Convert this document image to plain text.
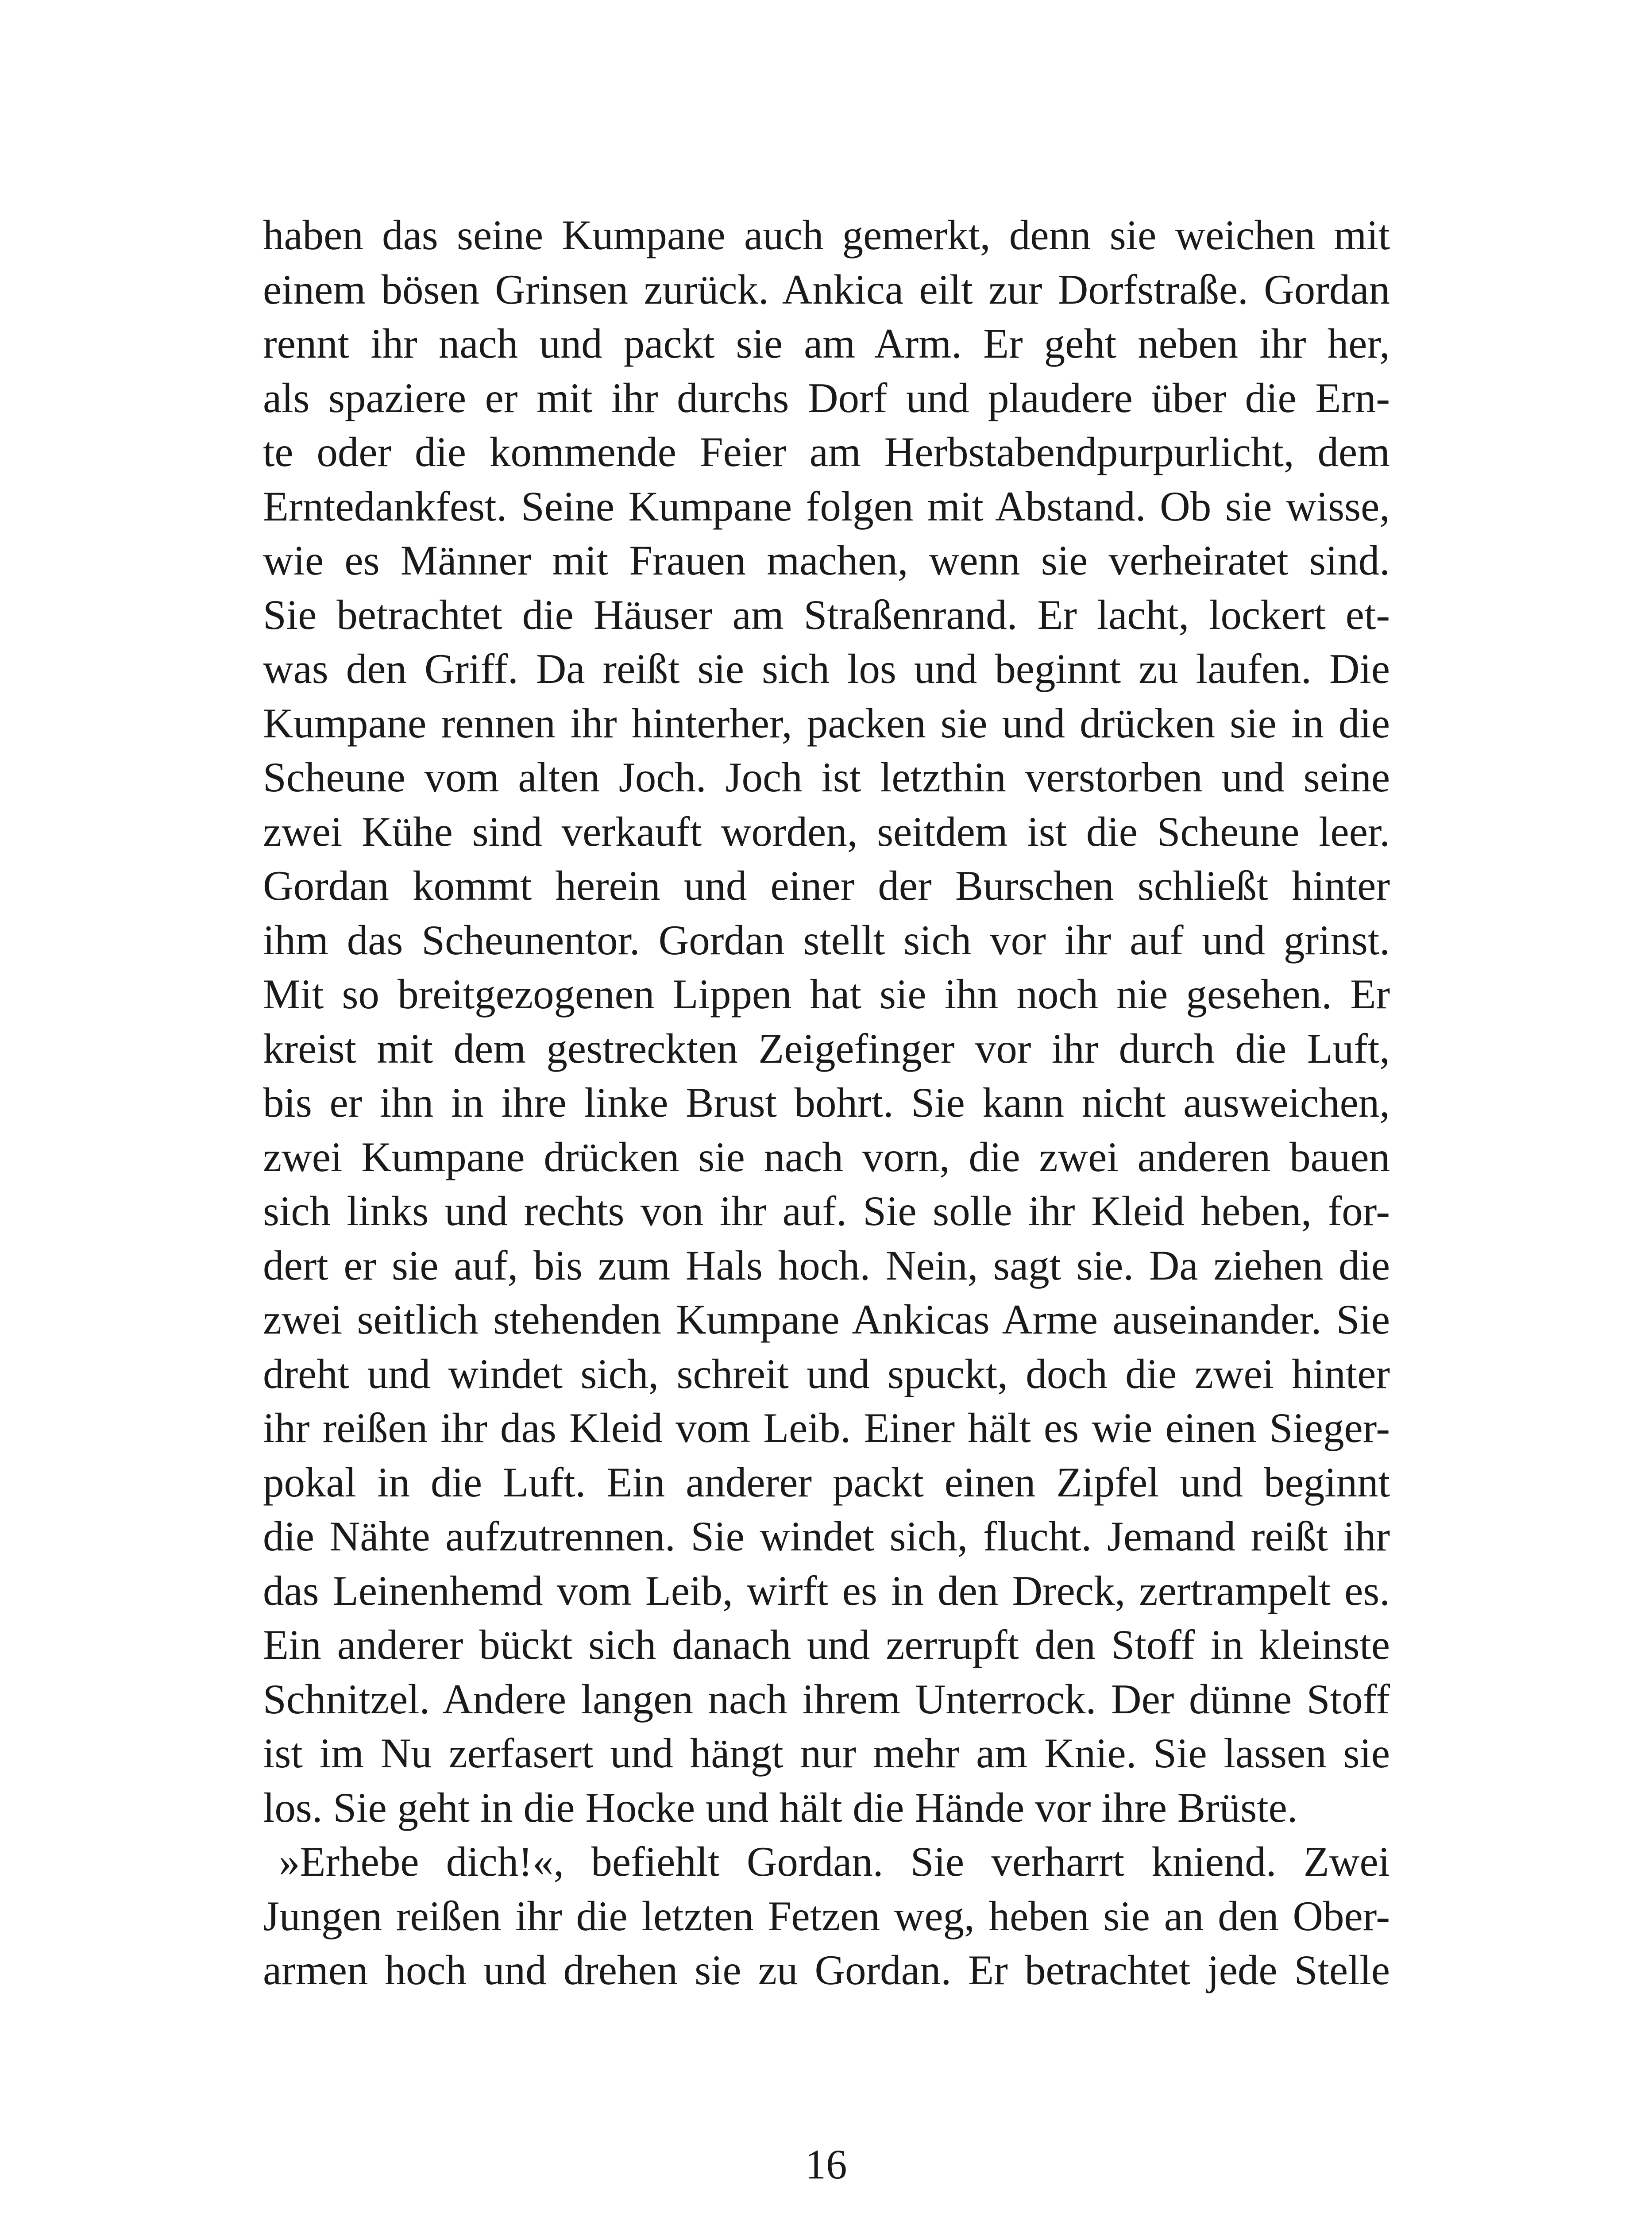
haben das seine Kumpane auch gemerkt, denn sie weichen mit
einem bösen Grinsen zurück. Ankica eilt zur Dorfstraße. Gordan
rennt ihr nach und packt sie am Arm. Er geht neben ihr her,
als spaziere er mit ihr durchs Dorf und plaudere über die Ern-
te oder die kommende Feier am Herbstabendpurpurlicht, dem
Erntedankfest. Seine Kumpane folgen mit Abstand. Ob sie wisse,
wie es Männer mit Frauen machen, wenn sie verheiratet sind.
Sie betrachtet die Häuser am Straßenrand. Er lacht, lockert et-
was den Griff. Da reißt sie sich los und beginnt zu laufen. Die
Kumpane rennen ihr hinterher, packen sie und drücken sie in die
Scheune vom alten Joch. Joch ist letzthin verstorben und seine
zwei Kühe sind verkauft worden, seitdem ist die Scheune leer.
Gordan kommt herein und einer der Burschen schließt hinter
ihm das Scheunentor. Gordan stellt sich vor ihr auf und grinst.
Mit so breitgezogenen Lippen hat sie ihn noch nie gesehen. Er
kreist mit dem gestreckten Zeigefinger vor ihr durch die Luft,
bis er ihn in ihre linke Brust bohrt. Sie kann nicht ausweichen,
zwei Kumpane drücken sie nach vorn, die zwei anderen bauen
sich links und rechts von ihr auf. Sie solle ihr Kleid heben, for-
dert er sie auf, bis zum Hals hoch. Nein, sagt sie. Da ziehen die
zwei seitlich stehenden Kumpane Ankicas Arme auseinander. Sie
dreht und windet sich, schreit und spuckt, doch die zwei hinter
ihr reißen ihr das Kleid vom Leib. Einer hält es wie einen Sieger-
pokal in die Luft. Ein anderer packt einen Zipfel und beginnt
die Nähte aufzutrennen. Sie windet sich, flucht. Jemand reißt ihr
das Leinenhemd vom Leib, wirft es in den Dreck, zertrampelt es.
Ein anderer bückt sich danach und zerrupft den Stoff in kleinste
Schnitzel. Andere langen nach ihrem Unterrock. Der dünne Stoff
ist im Nu zerfasert und hängt nur mehr am Knie. Sie lassen sie
los. Sie geht in die Hocke und hält die Hände vor ihre Brüste.
»Erhebe dich!«, befiehlt Gordan. Sie verharrt kniend. Zwei
Jungen reißen ihr die letzten Fetzen weg, heben sie an den Ober-
armen hoch und drehen sie zu Gordan. Er betrachtet jede Stelle
16
